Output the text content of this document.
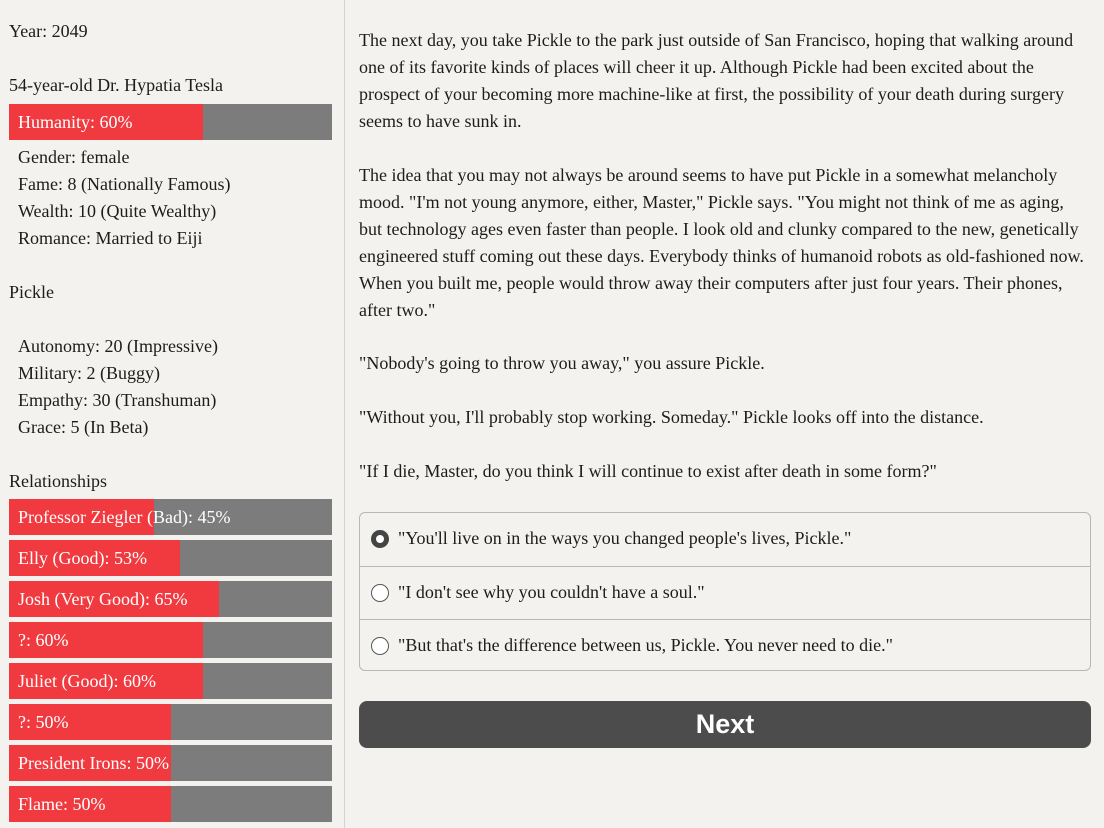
Year: 2049
54-year-old Dr. Hypatia Tesla
Humanity: 60%
Gender: female
Fame: 8 (Nationally Famous)
Wealth: 10 (Quite Wealthy)
Romance: Married to Eiji
Pickle
Autonomy: 20 (Impressive)
Military: 2 (Buggy)
Empathy: 30 (Transhuman)
Grace: 5 (In Beta)
Relationships
Professor Ziegler (Bad): 45%
Elly (Good): 53%
Josh (Very Good): 65%
?: 60%
Juliet (Good): 60%
?: 50%
President Irons: 50%
Flame: 50%

The next day, you take Pickle to the park just outside of San Francisco, hoping that walking around one of its favorite kinds of places will cheer it up. Although Pickle had been excited about the prospect of your becoming more machine-like at first, the possibility of your death during surgery seems to have sunk in.

The idea that you may not always be around seems to have put Pickle in a somewhat melancholy mood. "I'm not young anymore, either, Master," Pickle says. "You might not think of me as aging, but technology ages even faster than people. I look old and clunky compared to the new, genetically engineered stuff coming out these days. Everybody thinks of humanoid robots as old-fashioned now. When you built me, people would throw away their computers after just four years. Their phones, after two."

"Nobody's going to throw you away," you assure Pickle.

"Without you, I'll probably stop working. Someday." Pickle looks off into the distance.

"If I die, Master, do you think I will continue to exist after death in some form?"

"You'll live on in the ways you changed people's lives, Pickle."
"I don't see why you couldn't have a soul."
"But that's the difference between us, Pickle. You never need to die."
Next
